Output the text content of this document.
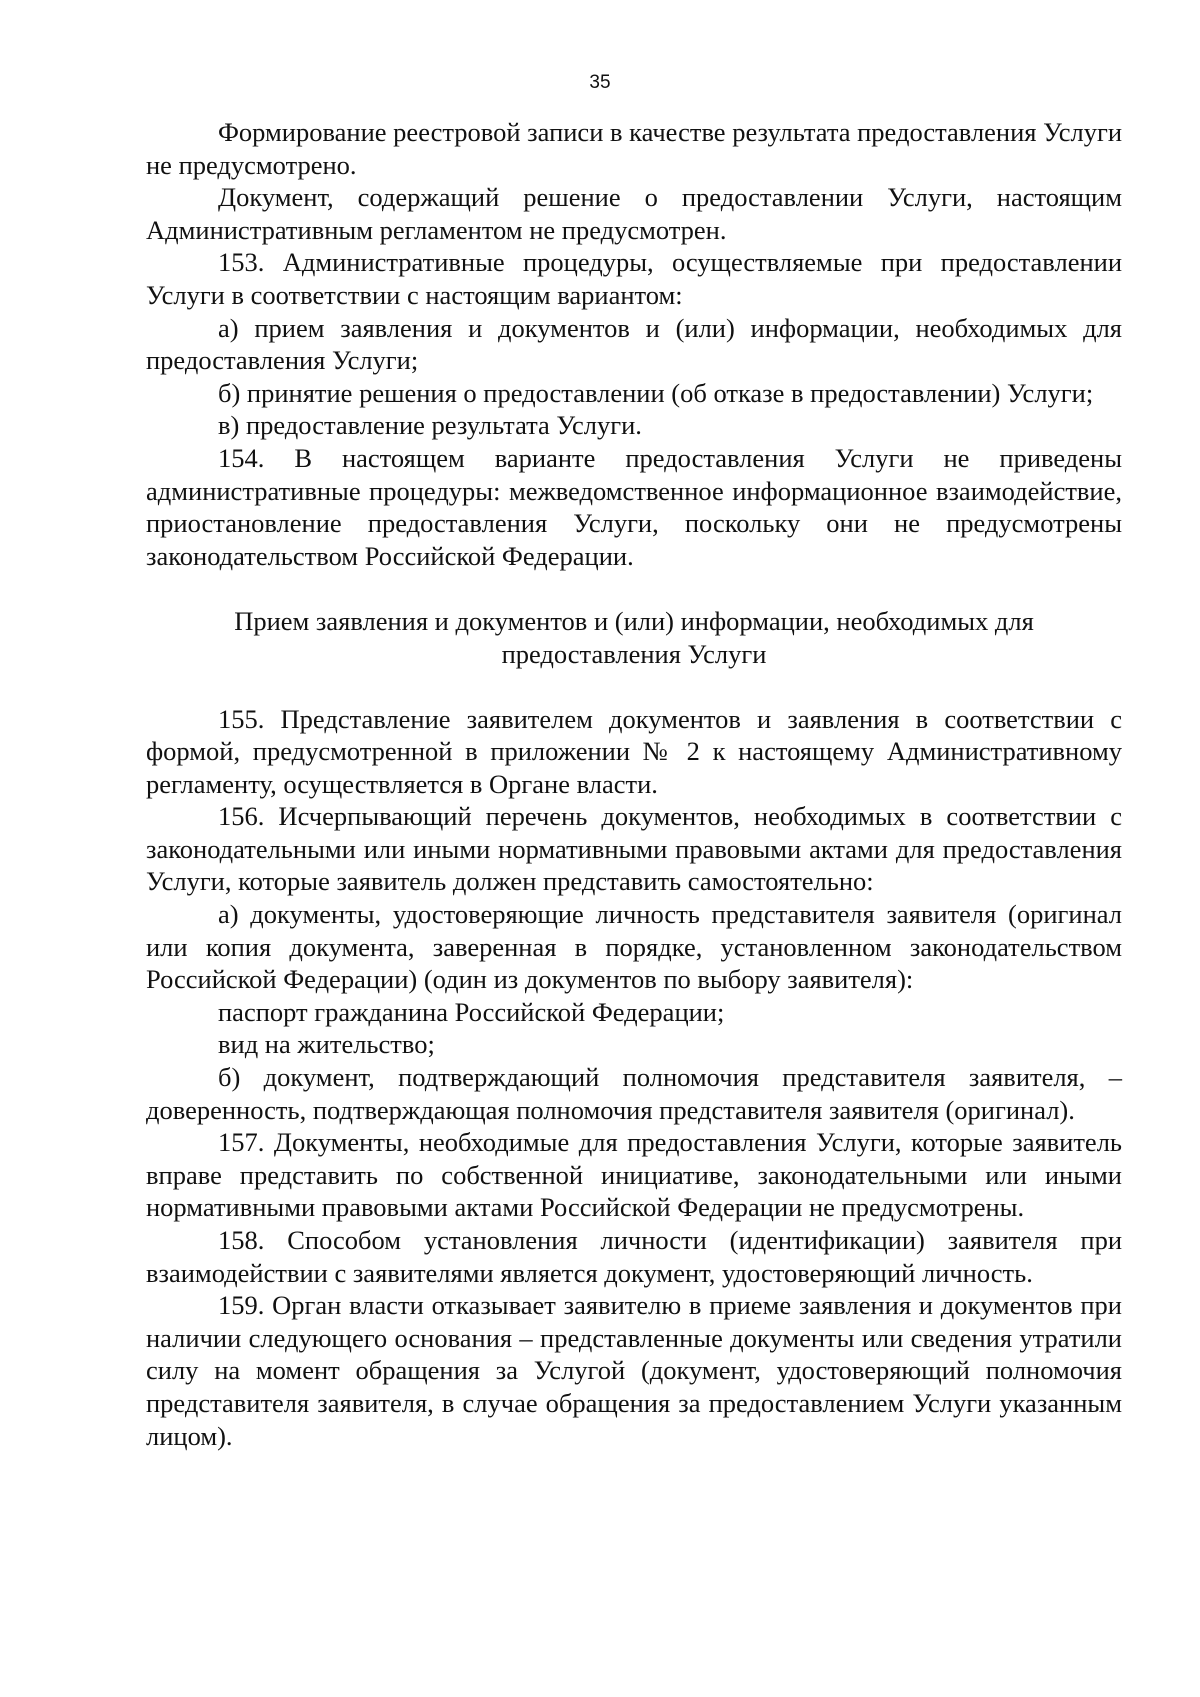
35

Формирование реестровой записи в качестве результата предоставления Услуги не предусмотрено.

Документ, содержащий решение о предоставлении Услуги, настоящим Административным регламентом не предусмотрен.

153. Административные процедуры, осуществляемые при предоставлении Услуги в соответствии с настоящим вариантом:

а) прием заявления и документов и (или) информации, необходимых для предоставления Услуги;

б) принятие решения о предоставлении (об отказе в предоставлении) Услуги;

в) предоставление результата Услуги.

154. В настоящем варианте предоставления Услуги не приведены административные процедуры: межведомственное информационное взаимодействие, приостановление предоставления Услуги, поскольку они не предусмотрены законодательством Российской Федерации.

Прием заявления и документов и (или) информации, необходимых для
предоставления Услуги

155. Представление заявителем документов и заявления в соответствии с формой, предусмотренной в приложении № 2 к настоящему Административному регламенту, осуществляется в Органе власти.

156. Исчерпывающий перечень документов, необходимых в соответствии с законодательными или иными нормативными правовыми актами для предоставления Услуги, которые заявитель должен представить самостоятельно:

а) документы, удостоверяющие личность представителя заявителя (оригинал или копия документа, заверенная в порядке, установленном законодательством Российской Федерации) (один из документов по выбору заявителя):

паспорт гражданина Российской Федерации;

вид на жительство;

б) документ, подтверждающий полномочия представителя заявителя, – доверенность, подтверждающая полномочия представителя заявителя (оригинал).

157. Документы, необходимые для предоставления Услуги, которые заявитель вправе представить по собственной инициативе, законодательными или иными нормативными правовыми актами Российской Федерации не предусмотрены.

158. Способом установления личности (идентификации) заявителя при взаимодействии с заявителями является документ, удостоверяющий личность.

159. Орган власти отказывает заявителю в приеме заявления и документов при наличии следующего основания – представленные документы или сведения утратили силу на момент обращения за Услугой (документ, удостоверяющий полномочия представителя заявителя, в случае обращения за предоставлением Услуги указанным лицом).
